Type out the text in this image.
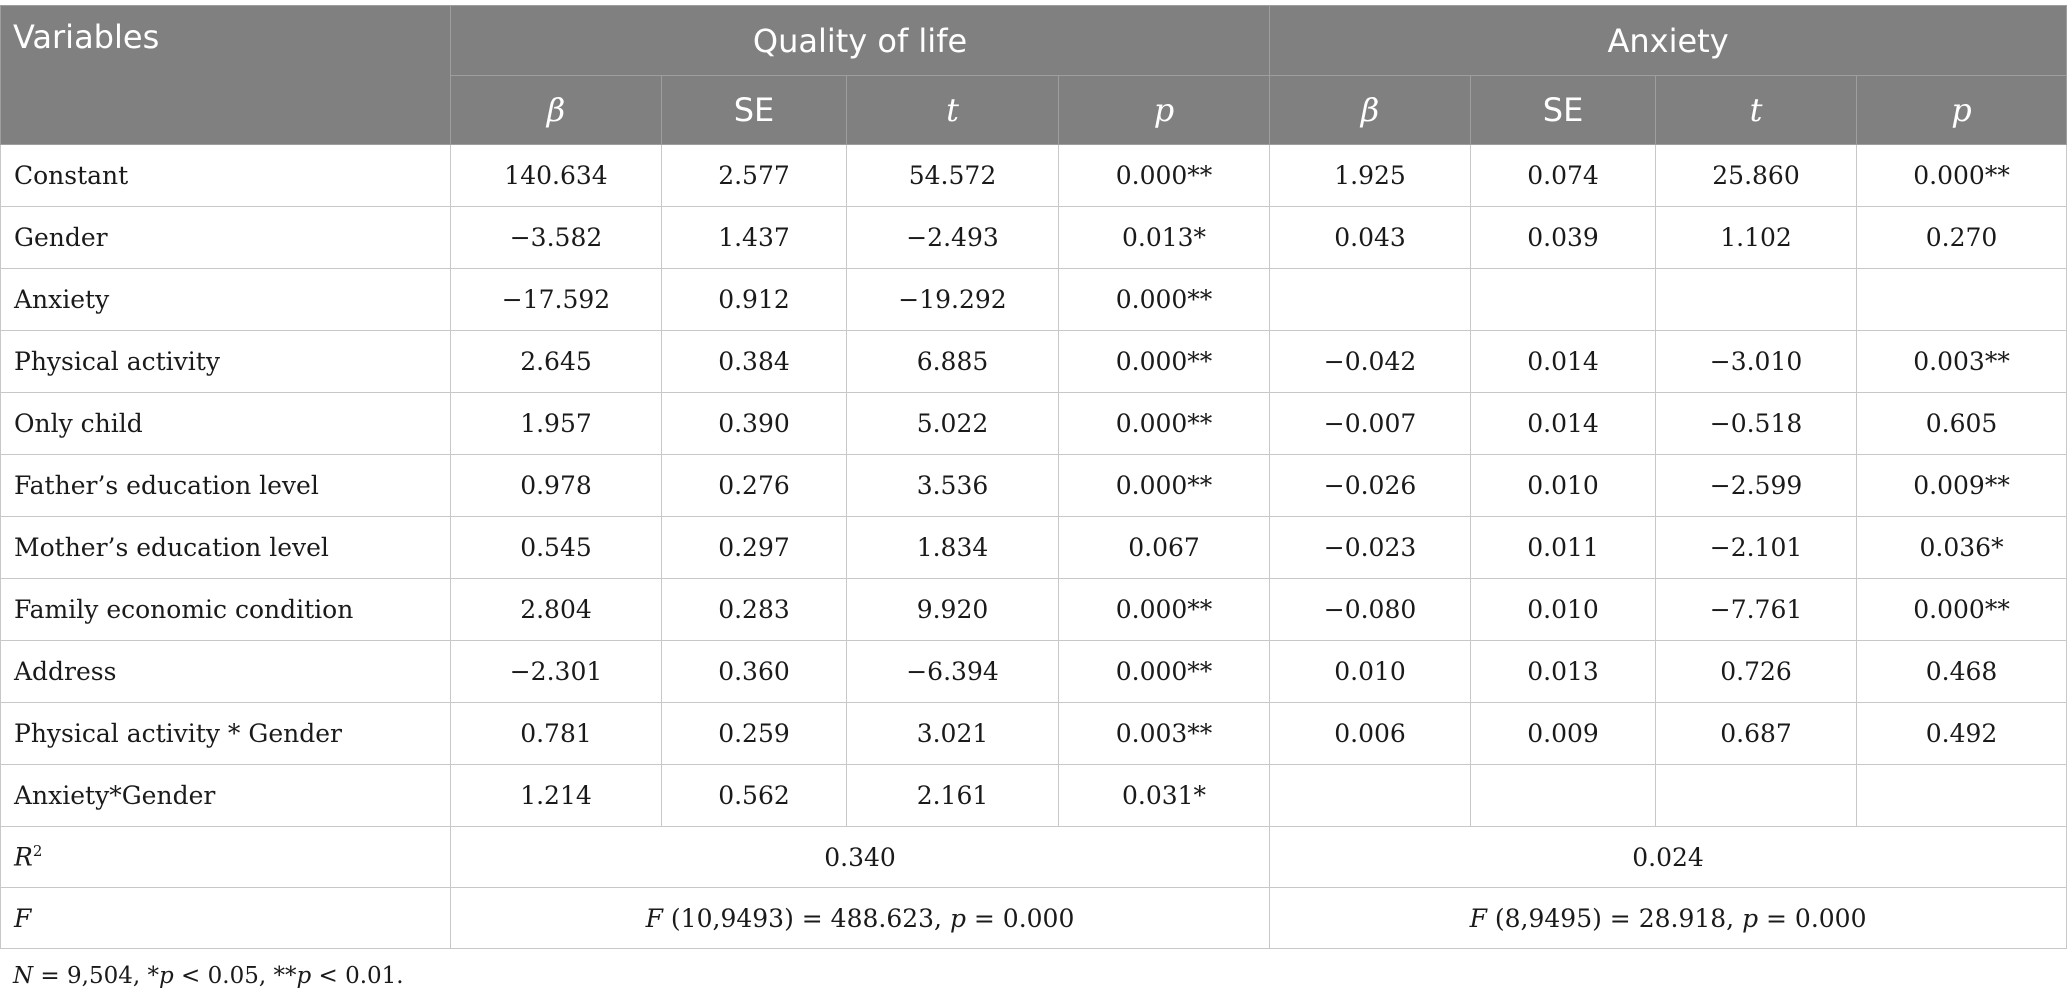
Variables	Quality of life				Anxiety			
	β	SE	t	p	β	SE	t	p
Constant	140.634	2.577	54.572	0.000**	1.925	0.074	25.860	0.000**
Gender	−3.582	1.437	−2.493	0.013*	0.043	0.039	1.102	0.270
Anxiety	−17.592	0.912	−19.292	0.000**				
Physical activity	2.645	0.384	6.885	0.000**	−0.042	0.014	−3.010	0.003**
Only child	1.957	0.390	5.022	0.000**	−0.007	0.014	−0.518	0.605
Father’s education level	0.978	0.276	3.536	0.000**	−0.026	0.010	−2.599	0.009**
Mother’s education level	0.545	0.297	1.834	0.067	−0.023	0.011	−2.101	0.036*
Family economic condition	2.804	0.283	9.920	0.000**	−0.080	0.010	−7.761	0.000**
Address	−2.301	0.360	−6.394	0.000**	0.010	0.013	0.726	0.468
Physical activity * Gender	0.781	0.259	3.021	0.003**	0.006	0.009	0.687	0.492
Anxiety*Gender	1.214	0.562	2.161	0.031*				
$R^2$	0.340				0.024			
F	F (10,9493) = 488.623, p = 0.000				F (8,9495) = 28.918, p = 0.000			
N = 9,504, *p < 0.05, **p < 0.01.
